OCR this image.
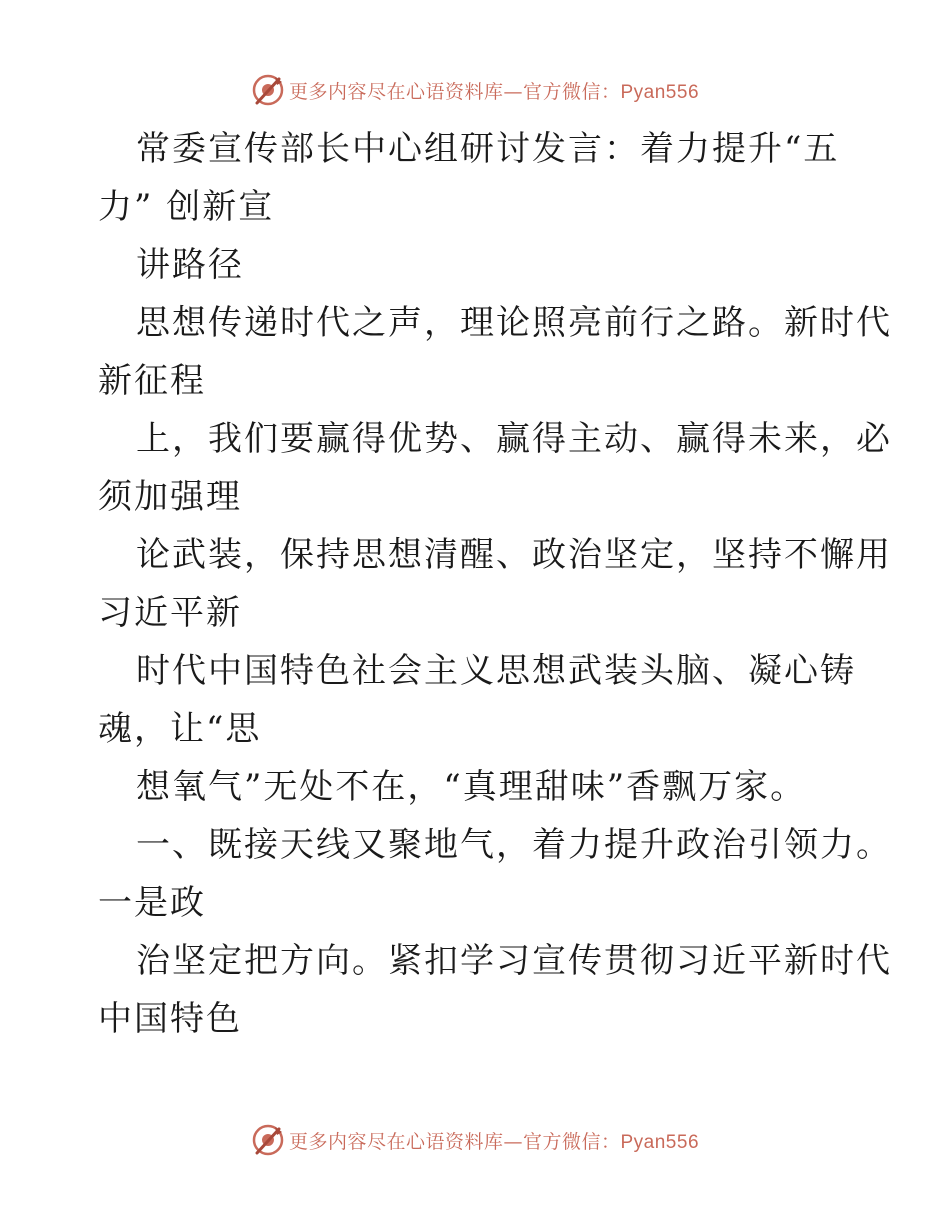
更多内容尽在心语资料库—官方微信：Pyan556
常委宣传部长中心组研讨发言：着力提升“五
力” 创新宣
讲路径
思想传递时代之声，理论照亮前行之路。新时代
新征程
上，我们要赢得优势、赢得主动、赢得未来，必
须加强理
论武装，保持思想清醒、政治坚定，坚持不懈用
习近平新
时代中国特色社会主义思想武装头脑、凝心铸
魂，让“思
想氧气”无处不在，“真理甜味”香飘万家。
一、既接天线又聚地气，着力提升政治引领力。
一是政
治坚定把方向。紧扣学习宣传贯彻习近平新时代
中国特色
更多内容尽在心语资料库—官方微信：Pyan556
